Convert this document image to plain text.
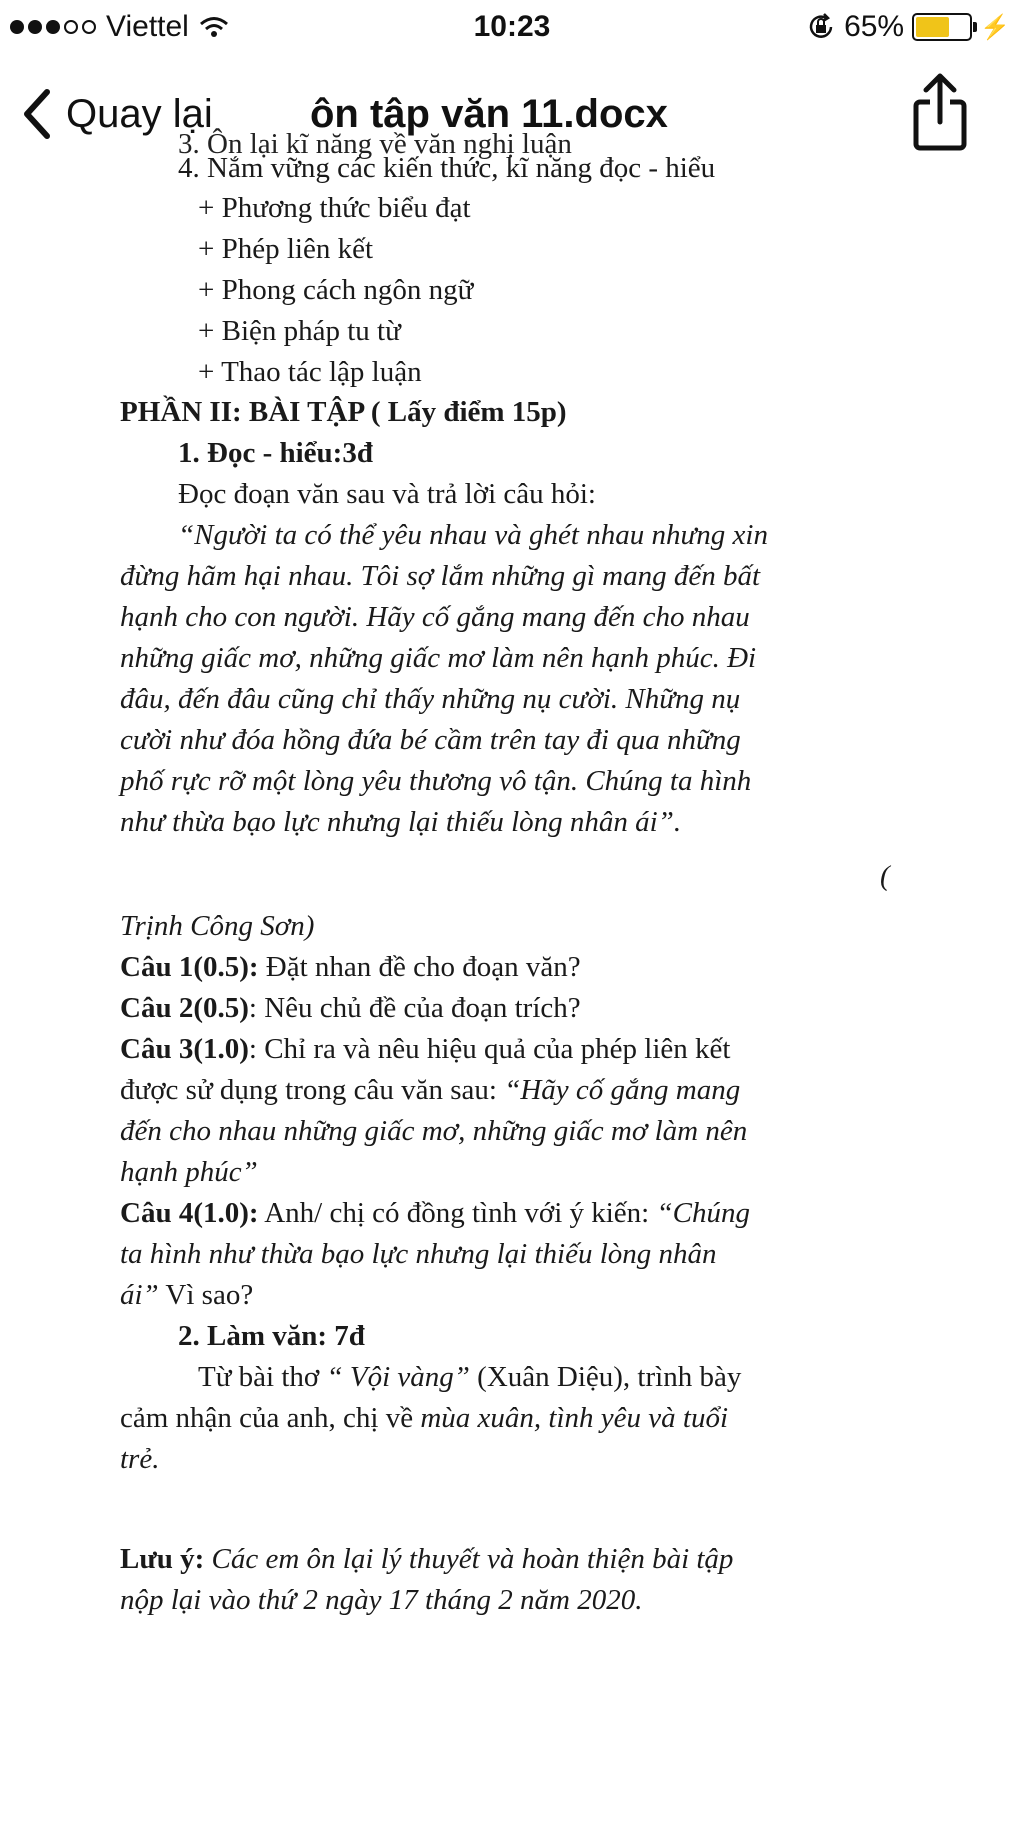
Viettel	10:23	65%	⚡
Quay lại ôn tâp văn 11.docx
3. Ôn lại kĩ năng về văn nghị luận
4. Nắm vững các kiến thức, kĩ năng đọc - hiểu
+ Phương thức biểu đạt
+ Phép liên kết
+ Phong cách ngôn ngữ
+ Biện pháp tu từ
+ Thao tác lập luận
PHẦN II: BÀI TẬP ( Lấy điểm 15p)
1. Đọc - hiểu:3đ
Đọc đoạn văn sau và trả lời câu hỏi:
“Người ta có thể yêu nhau và ghét nhau nhưng xin
đừng hãm hại nhau. Tôi sợ lắm những gì mang đến bất
hạnh cho con người. Hãy cố gắng mang đến cho nhau
những giấc mơ, những giấc mơ làm nên hạnh phúc. Đi
đâu, đến đâu cũng chỉ thấy những nụ cười. Những nụ
cười như đóa hồng đứa bé cầm trên tay đi qua những
phố rực rỡ một lòng yêu thương vô tận. Chúng ta hình
như thừa bạo lực nhưng lại thiếu lòng nhân ái”.
(
Trịnh Công Sơn)
Câu 1(0.5): Đặt nhan đề cho đoạn văn?
Câu 2(0.5): Nêu chủ đề của đoạn trích?
Câu 3(1.0): Chỉ ra và nêu hiệu quả của phép liên kết
được sử dụng trong câu văn sau: “Hãy cố gắng mang
đến cho nhau những giấc mơ, những giấc mơ làm nên
hạnh phúc”
Câu 4(1.0): Anh/ chị có đồng tình với ý kiến: “Chúng
ta hình như thừa bạo lực nhưng lại thiếu lòng nhân
ái” Vì sao?
2. Làm văn: 7đ
Từ bài thơ “ Vội vàng” (Xuân Diệu), trình bày
cảm nhận của anh, chị về mùa xuân, tình yêu và tuổi
trẻ.
Lưu ý: Các em ôn lại lý thuyết và hoàn thiện bài tập
nộp lại vào thứ 2 ngày 17 tháng 2 năm 2020.
